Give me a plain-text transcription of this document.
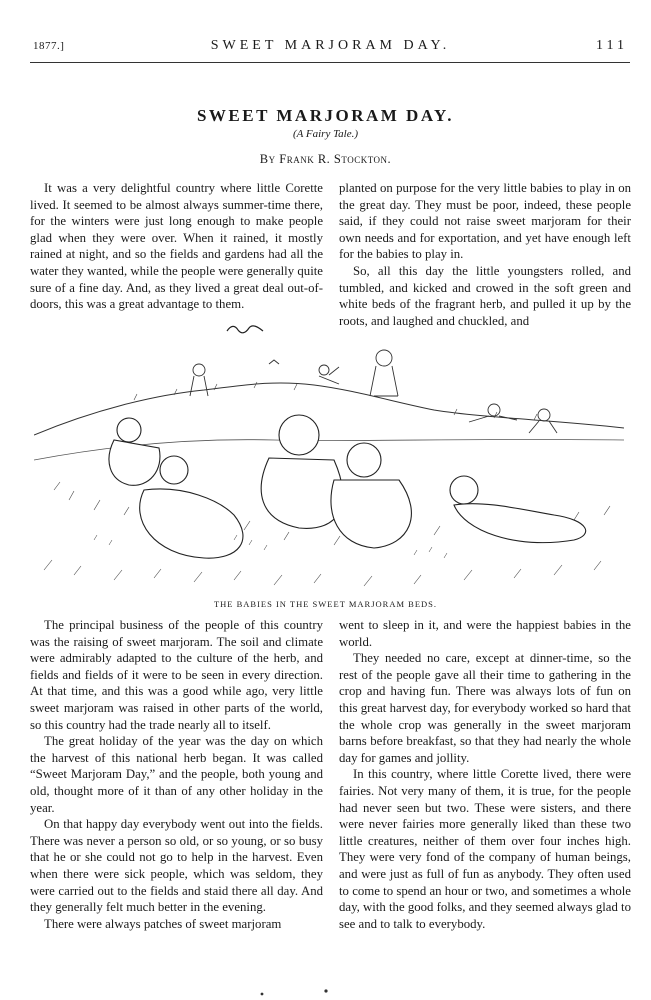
1877.]	SWEET MARJORAM DAY.	111
SWEET MARJORAM DAY.
(A Fairy Tale.)
By Frank R. Stockton.

It was a very delightful country where little Corette lived. It seemed to be almost always summer-time there, for the winters were just long enough to make people glad when they were over. When it rained, it mostly rained at night, and so the fields and gardens had all the water they wanted, while the people were generally quite sure of a fine day. And, as they lived a great deal out-of-doors, this was a great advantage to them.

planted on purpose for the very little babies to play in on the great day. They must be poor, indeed, these people said, if they could not raise sweet marjoram for their own needs and for exportation, and yet have enough left for the babies to play in.

So, all this day the little youngsters rolled, and tumbled, and kicked and crowed in the soft green and white beds of the fragrant herb, and pulled it up by the roots, and laughed and chuckled, and

THE BABIES IN THE SWEET MARJORAM BEDS.

The principal business of the people of this country was the raising of sweet marjoram. The soil and climate were admirably adapted to the culture of the herb, and fields and fields of it were to be seen in every direction. At that time, and this was a good while ago, very little sweet marjoram was raised in other parts of the world, so this country had the trade nearly all to itself.

The great holiday of the year was the day on which the harvest of this national herb began. It was called “Sweet Marjoram Day,” and the people, both young and old, thought more of it than of any other holiday in the year.

On that happy day everybody went out into the fields. There was never a person so old, or so young, or so busy that he or she could not go to help in the harvest. Even when there were sick people, which was seldom, they were carried out to the fields and staid there all day. And they generally felt much better in the evening.

There were always patches of sweet marjoram

went to sleep in it, and were the happiest babies in the world.

They needed no care, except at dinner-time, so the rest of the people gave all their time to gathering in the crop and having fun. There was always lots of fun on this great harvest day, for everybody worked so hard that the whole crop was generally in the sweet marjoram barns before breakfast, so that they had nearly the whole day for games and jollity.

In this country, where little Corette lived, there were fairies. Not very many of them, it is true, for the people had never seen but two. These were sisters, and there were never fairies more generally liked than these two little creatures, neither of them over four inches high. They were very fond of the company of human beings, and were just as full of fun as anybody. They often used to come to spend an hour or two, and sometimes a whole day, with the good folks, and they seemed always glad to see and to talk to everybody.
